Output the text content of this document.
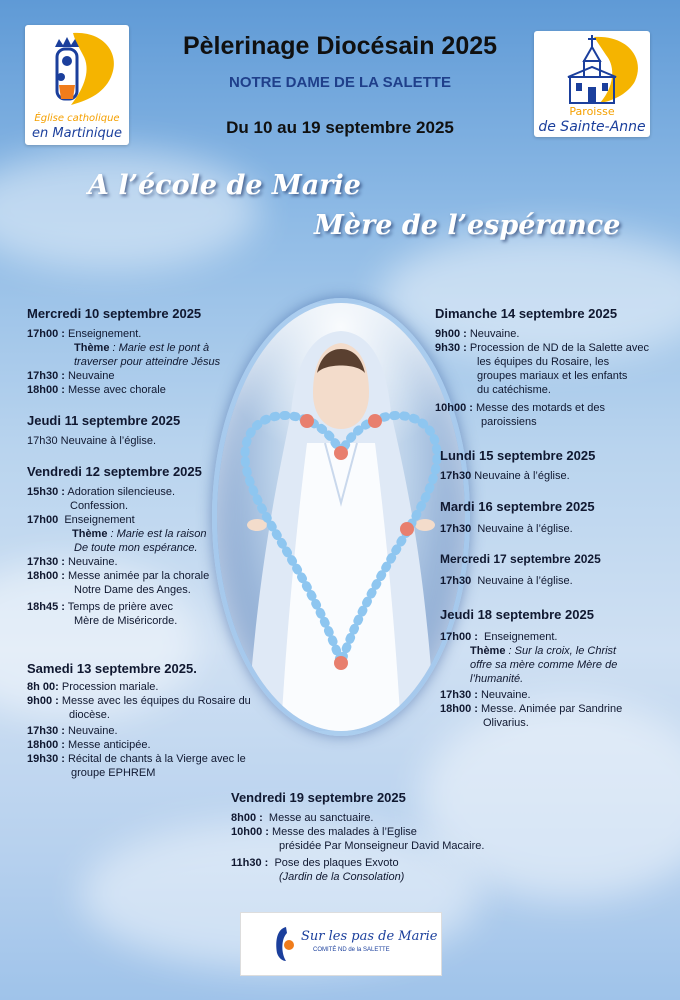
Église catholique
en Martinique
Paroisse
de Sainte-Anne
Pèlerinage Diocésain 2025
NOTRE DAME DE LA SALETTE
Du 10 au 19 septembre 2025
A l’école de Marie
Mère de l’espérance
Mercredi 10 septembre 2025
17h00 : Enseignement.
Thème : Marie est le pont à
traverser pour atteindre Jésus
17h30 : Neuvaine
18h00 : Messe avec chorale
Jeudi 11 septembre 2025
17h30 Neuvaine à l’église.
Vendredi 12 septembre 2025
15h30 : Adoration silencieuse.
Confession.
17h00 Enseignement
Thème : Marie est la raison
De toute mon espérance.
17h30 : Neuvaine.
18h00 : Messe animée par la chorale
Notre Dame des Anges.
18h45 : Temps de prière avec
Mère de Miséricorde.
Samedi 13 septembre 2025.
8h 00: Procession mariale.
9h00 : Messe avec les équipes du Rosaire du
diocèse.
17h30 : Neuvaine.
18h00 : Messe anticipée.
19h30 : Récital de chants à la Vierge avec le
groupe EPHREM
Dimanche 14 septembre 2025
9h00 : Neuvaine.
9h30 : Procession de ND de la Salette avec
les équipes du Rosaire, les
groupes mariaux et les enfants
du catéchisme.
10h00 : Messe des motards et des
paroissiens
Lundi 15 septembre 2025
17h30 Neuvaine à l’église.
Mardi 16 septembre 2025
17h30 Neuvaine à l’église.
Mercredi 17 septembre 2025
17h30 Neuvaine à l’église.
Jeudi 18 septembre 2025
17h00 : Enseignement.
Thème : Sur la croix, le Christ
offre sa mère comme Mère de
l’humanité.
17h30 : Neuvaine.
18h00 : Messe. Animée par Sandrine
Olivarius.
Vendredi 19 septembre 2025
8h00 : Messe au sanctuaire.
10h00 : Messe des malades à l’Eglise
présidée Par Monseigneur David Macaire.
11h30 : Pose des plaques Exvoto
(Jardin de la Consolation)
Sur les pas de Marie
COMITÉ ND de la SALETTE
